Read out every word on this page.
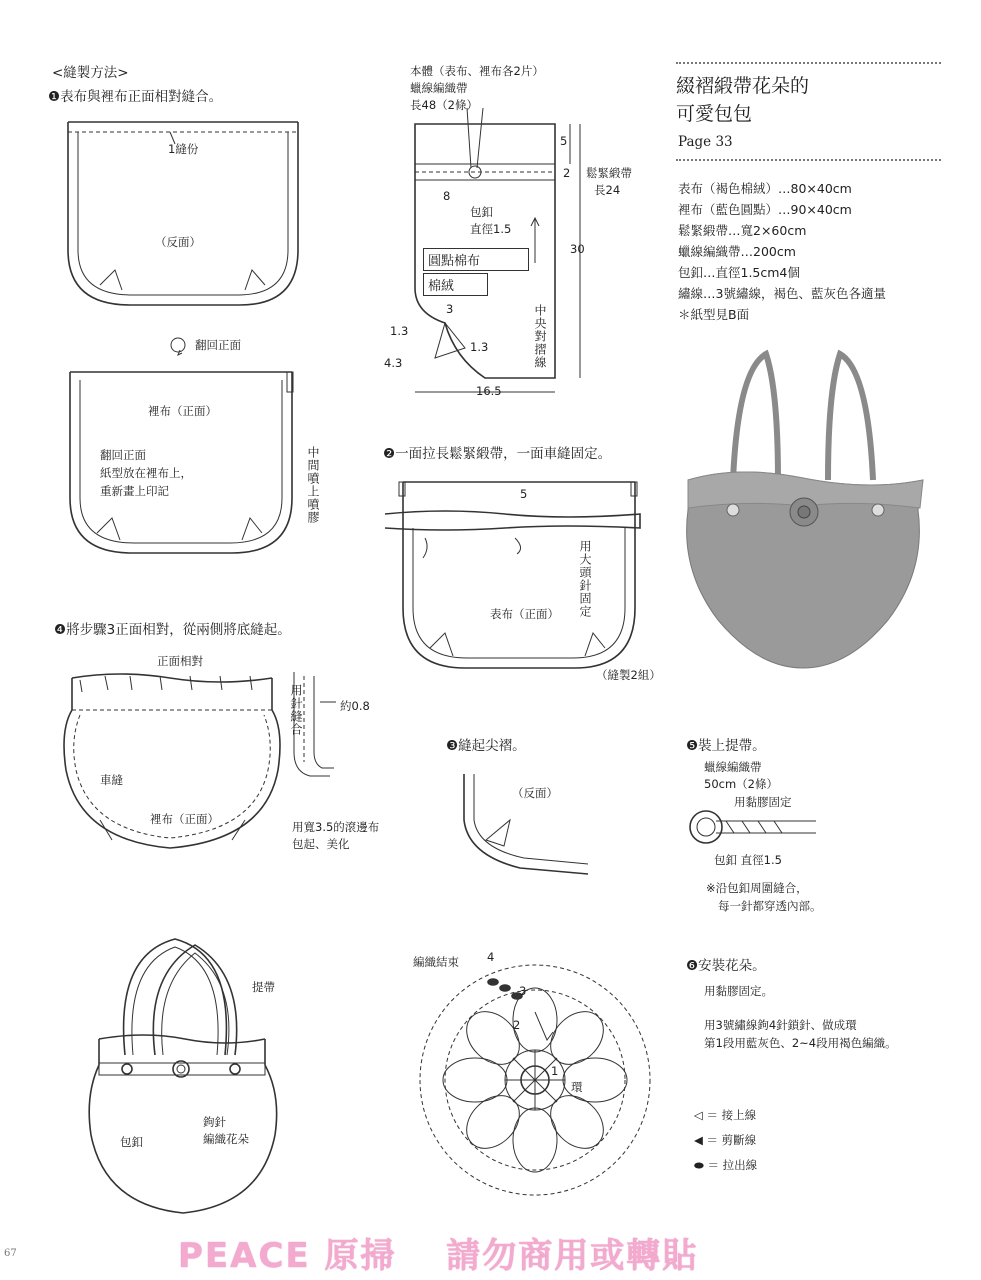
<縫製方法>
❶表布與裡布正面相對縫合。
1縫份
（反面）
翻回正面
裡布（正面）
翻回正面
紙型放在裡布上，
重新畫上印記	中間噴上噴膠
本體（表布、裡布各2片）
蠟線編織帶
長48（2條）
5
2 鬆緊緞帶
長24
30
8
包釦
直徑1.5
圓點棉布
棉絨
3
1.3
1.3
4.3
16.5
中央對摺線
❷一面拉長鬆緊緞帶，一面車縫固定。
5
用大頭針固定
表布（正面）
（縫製2組）
❹將步驟3正面相對，從兩側將底縫起。
正面相對
車縫
裡布（正面）
用針縫合	約0.8
用寬3.5的滾邊布
包起、美化
❸縫起尖褶。
（反面）
提帶
鉤針
編織花朵
包釦
編織結束 4
3
2
1
環
綴褶緞帶花朵的
可愛包包
Page 33
表布（褐色棉絨）…80×40cm
裡布（藍色圓點）…90×40cm
鬆緊緞帶…寬2×60cm
蠟線編織帶…200cm
包釦…直徑1.5cm4個
繡線…3號繡線，褐色、藍灰色各適量
＊紙型見B面
❺裝上提帶。
蠟線編織帶
50cm（2條）
用黏膠固定
包釦 直徑1.5
※沿包釦周圍縫合，
每一針都穿透內部。
❻安裝花朵。
用黏膠固定。
用3號繡線鉤4針鎖針、做成環
第1段用藍灰色、2~4段用褐色編織。
◁ ＝ 接上線
◀ ＝ 剪斷線
⬬ ＝ 拉出線
PEACE 原掃　 請勿商用或轉貼
67
